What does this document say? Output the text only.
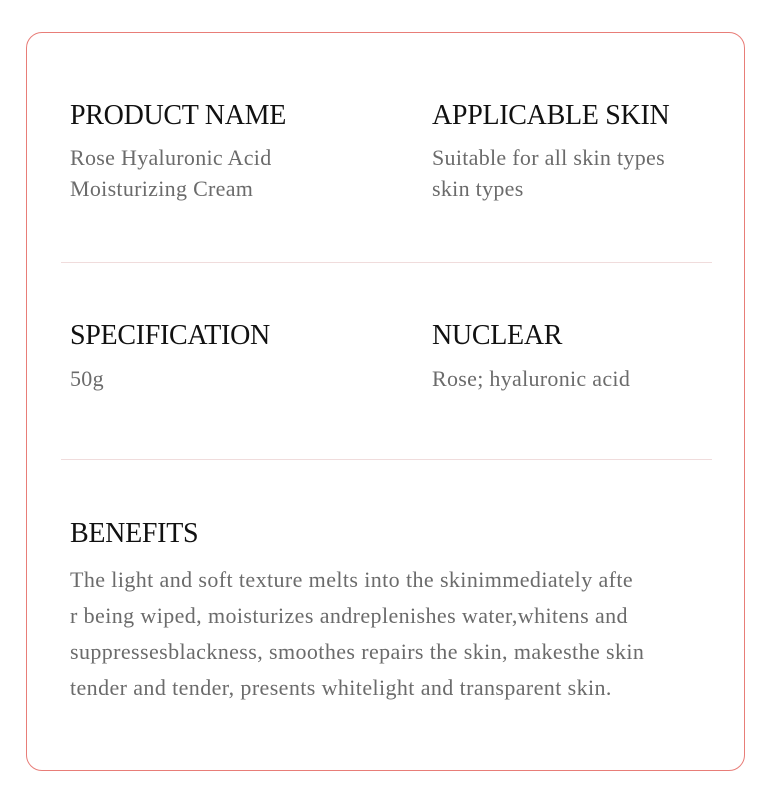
PRODUCT NAME

Rose Hyaluronic Acid
Moisturizing Cream

APPLICABLE SKIN

Suitable for all skin types
skin types

SPECIFICATION

50g

NUCLEAR

Rose; hyaluronic acid

BENEFITS

The light and soft texture melts into the skinimmediately afte
r being wiped, moisturizes andreplenishes water,whitens and
suppressesblackness, smoothes repairs the skin, makesthe skin
tender and tender, presents whitelight and transparent skin.
